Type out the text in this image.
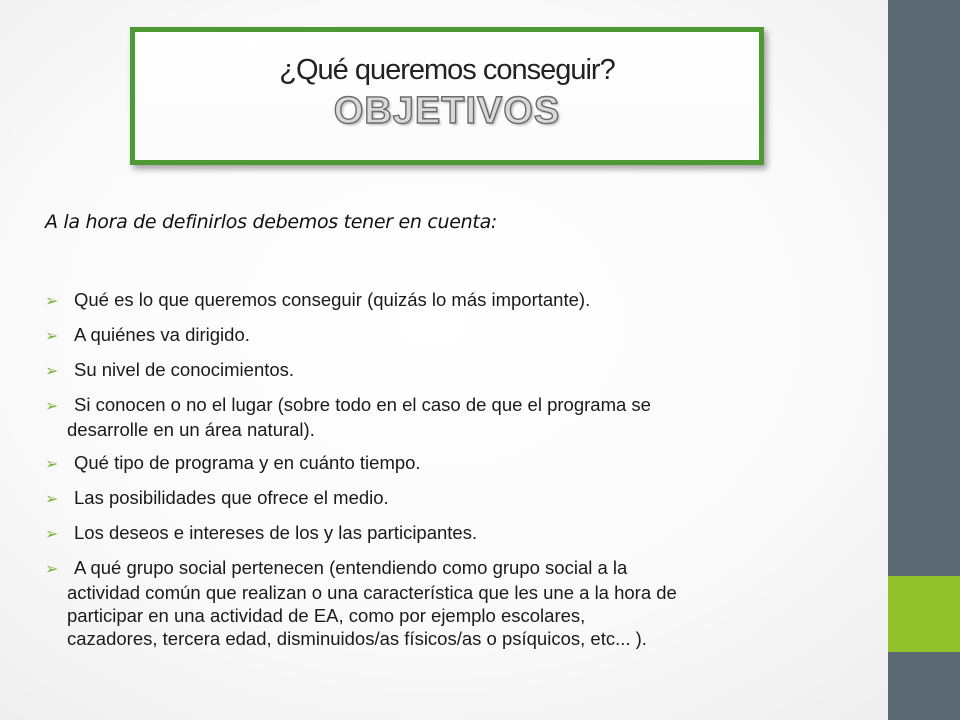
¿Qué queremos conseguir?
OBJETIVOS
A la hora de definirlos debemos tener en cuenta:
➢ Qué es lo que queremos conseguir (quizás lo más importante).
➢ A quiénes va dirigido.
➢ Su nivel de conocimientos.
➢ Si conocen o no el lugar (sobre todo en el caso de que el programa se
desarrolle en un área natural).
➢ Qué tipo de programa y en cuánto tiempo.
➢ Las posibilidades que ofrece el medio.
➢ Los deseos e intereses de los y las participantes.
➢ A qué grupo social pertenecen (entendiendo como grupo social a la
actividad común que realizan o una característica que les une a la hora de
participar en una actividad de EA, como por ejemplo escolares,
cazadores, tercera edad, disminuidos/as físicos/as o psíquicos, etc... ).
